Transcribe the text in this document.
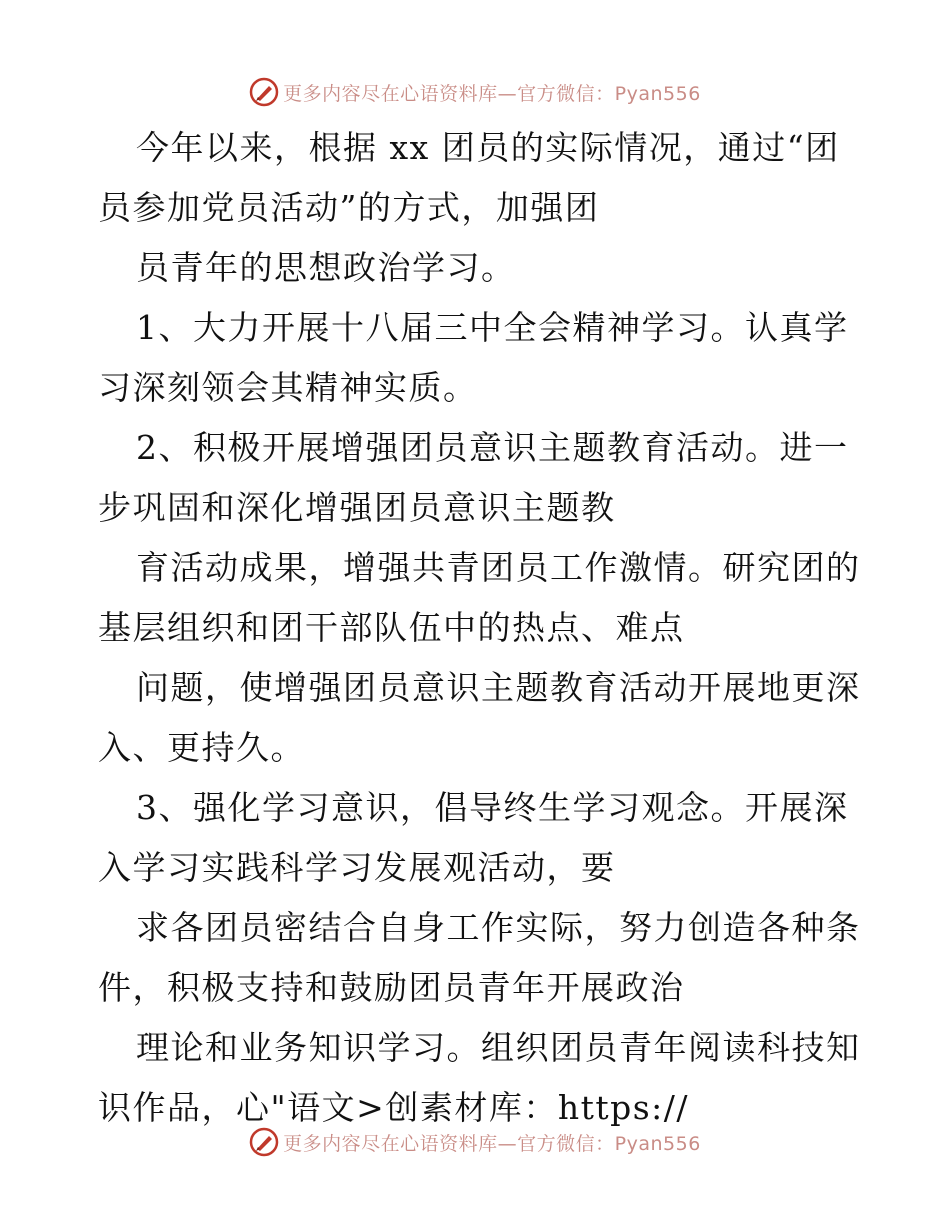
更多内容尽在心语资料库—官方微信：Pyan556
今年以来，根据 xx 团员的实际情况，通过“团
员参加党员活动”的方式，加强团
员青年的思想政治学习。
1、大力开展十八届三中全会精神学习。认真学
习深刻领会其精神实质。
2、积极开展增强团员意识主题教育活动。进一
步巩固和深化增强团员意识主题教
育活动成果，增强共青团员工作激情。研究团的
基层组织和团干部队伍中的热点、难点
问题，使增强团员意识主题教育活动开展地更深
入、更持久。
3、强化学习意识，倡导终生学习观念。开展深
入学习实践科学习发展观活动，要
求各团员密结合自身工作实际，努力创造各种条
件，积极支持和鼓励团员青年开展政治
理论和业务知识学习。组织团员青年阅读科技知
识作品，心"语文>创素材库：https://
更多内容尽在心语资料库—官方微信：Pyan556
